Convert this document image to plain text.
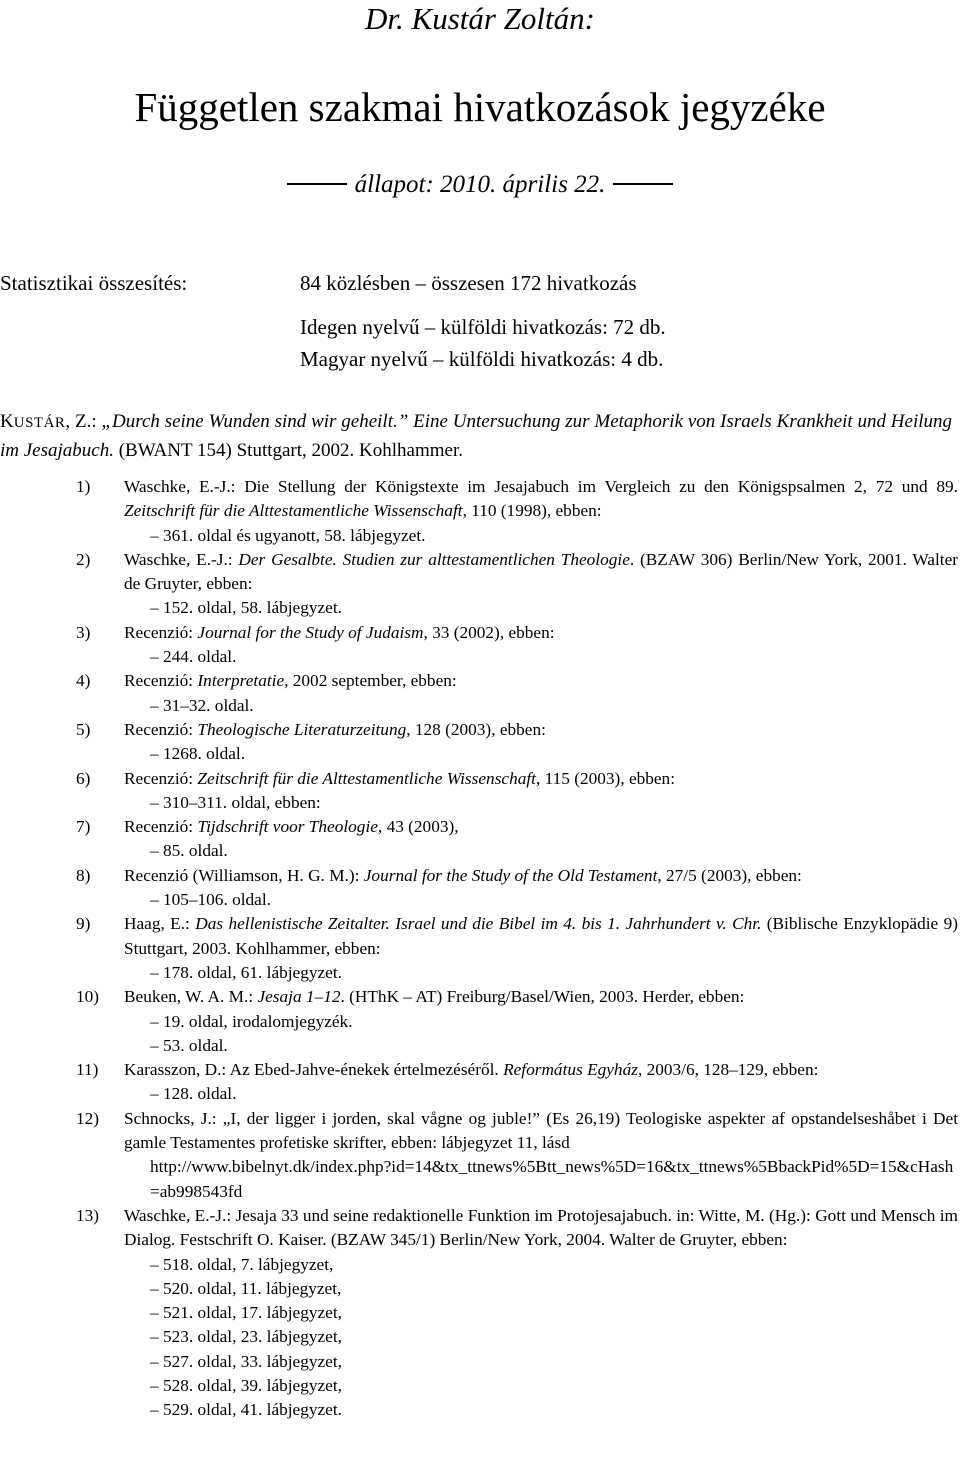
Dr. Kustár Zoltán:
Független szakmai hivatkozások jegyzéke
állapot: 2010. április 22.
Statisztikai összesítés:	84 közlésben – összesen 172 hivatkozás
Idegen nyelvű – külföldi hivatkozás: 72 db.
Magyar nyelvű – külföldi hivatkozás: 4 db.
KUSTÁR, Z.: „Durch seine Wunden sind wir geheilt.” Eine Untersuchung zur Metaphorik von Israels Krankheit und Heilung im Jesajabuch. (BWANT 154) Stuttgart, 2002. Kohlhammer.
1)	Waschke, E.-J.: Die Stellung der Königstexte im Jesajabuch im Vergleich zu den Königspsalmen 2, 72 und 89. Zeitschrift für die Alttestamentliche Wissenschaft, 110 (1998), ebben:
– 361. oldal és ugyanott, 58. lábjegyzet.
2)	Waschke, E.-J.: Der Gesalbte. Studien zur alttestamentlichen Theologie. (BZAW 306) Berlin/New York, 2001. Walter de Gruyter, ebben:
– 152. oldal, 58. lábjegyzet.
3)	Recenzió: Journal for the Study of Judaism, 33 (2002), ebben:
– 244. oldal.
4)	Recenzió: Interpretatie, 2002 september, ebben:
– 31–32. oldal.
5)	Recenzió: Theologische Literaturzeitung, 128 (2003), ebben:
– 1268. oldal.
6)	Recenzió: Zeitschrift für die Alttestamentliche Wissenschaft, 115 (2003), ebben:
– 310–311. oldal, ebben:
7)	Recenzió: Tijdschrift voor Theologie, 43 (2003),
– 85. oldal.
8)	Recenzió (Williamson, H. G. M.): Journal for the Study of the Old Testament, 27/5 (2003), ebben:
– 105–106. oldal.
9)	Haag, E.: Das hellenistische Zeitalter. Israel und die Bibel im 4. bis 1. Jahrhundert v. Chr. (Biblische Enzyklopädie 9) Stuttgart, 2003. Kohlhammer, ebben:
– 178. oldal, 61. lábjegyzet.
10)	Beuken, W. A. M.: Jesaja 1–12. (HThK – AT) Freiburg/Basel/Wien, 2003. Herder, ebben:
– 19. oldal, irodalomjegyzék.
– 53. oldal.
11)	Karasszon, D.: Az Ebed-Jahve-énekek értelmezéséről. Református Egyház, 2003/6, 128–129, ebben:
– 128. oldal.
12)	Schnocks, J.: „I, der ligger i jorden, skal vågne og juble!” (Es 26,19) Teologiske aspekter af opstandelseshåbet i Det gamle Testamentes profetiske skrifter, ebben: lábjegyzet 11, lásd
http://www.bibelnyt.dk/index.php?id=14&tx_ttnews%5Btt_news%5D=16&tx_ttnews%5BbackPid%5D=15&cHash=ab998543fd
13)	Waschke, E.-J.: Jesaja 33 und seine redaktionelle Funktion im Protojesajabuch. in: Witte, M. (Hg.): Gott und Mensch im Dialog. Festschrift O. Kaiser. (BZAW 345/1) Berlin/New York, 2004. Walter de Gruyter, ebben:
– 518. oldal, 7. lábjegyzet,
– 520. oldal, 11. lábjegyzet,
– 521. oldal, 17. lábjegyzet,
– 523. oldal, 23. lábjegyzet,
– 527. oldal, 33. lábjegyzet,
– 528. oldal, 39. lábjegyzet,
– 529. oldal, 41. lábjegyzet.
